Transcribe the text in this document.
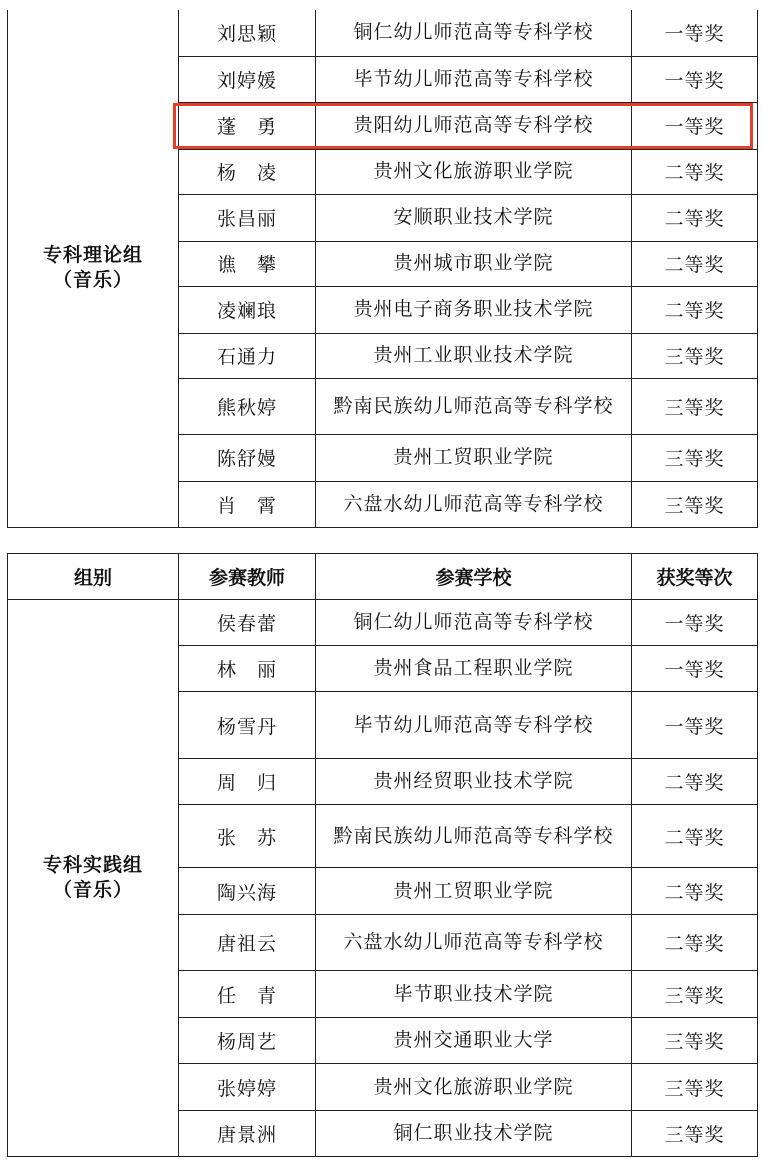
专科理论组
（音乐）	刘思颖	铜仁幼儿师范高等专科学校	一等奖
	刘婷媛	毕节幼儿师范高等专科学校	一等奖
	蓬　勇	贵阳幼儿师范高等专科学校	一等奖
	杨　凌	贵州文化旅游职业学院	二等奖
	张昌丽	安顺职业技术学院	二等奖
	谯　攀	贵州城市职业学院	二等奖
	凌斓琅	贵州电子商务职业技术学院	二等奖
	石通力	贵州工业职业技术学院	三等奖
	熊秋婷	黔南民族幼儿师范高等专科学校	三等奖
	陈舒嫚	贵州工贸职业学院	三等奖
	肖　霄	六盘水幼儿师范高等专科学校	三等奖
组别	参赛教师	参赛学校	获奖等次
专科实践组
（音乐）	侯春蕾	铜仁幼儿师范高等专科学校	一等奖
	林　丽	贵州食品工程职业学院	一等奖
	杨雪丹	毕节幼儿师范高等专科学校	一等奖
	周　归	贵州经贸职业技术学院	二等奖
	张　苏	黔南民族幼儿师范高等专科学校	二等奖
	陶兴海	贵州工贸职业学院	二等奖
	唐祖云	六盘水幼儿师范高等专科学校	二等奖
	任　青	毕节职业技术学院	三等奖
	杨周艺	贵州交通职业大学	三等奖
	张婷婷	贵州文化旅游职业学院	三等奖
	唐景洲	铜仁职业技术学院	三等奖
